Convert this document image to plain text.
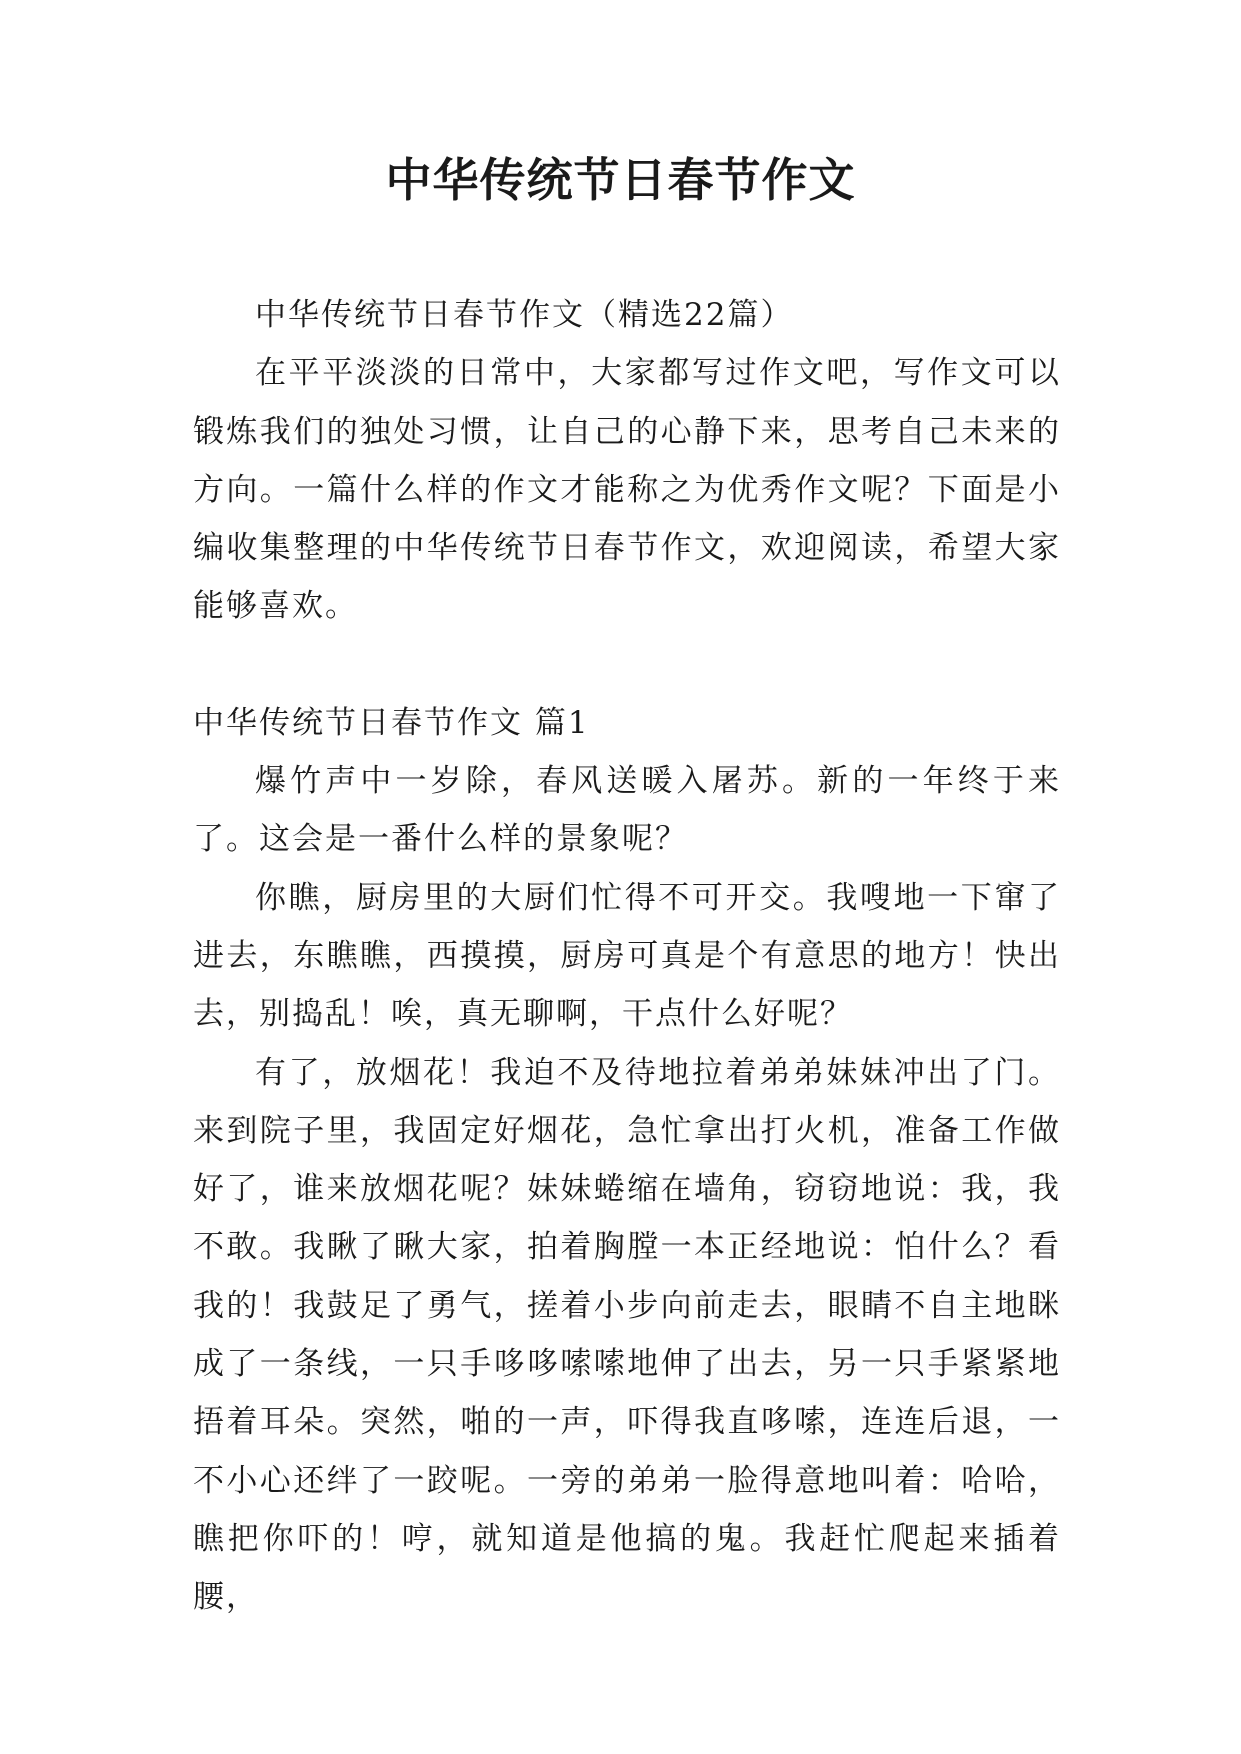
中华传统节日春节作文

中华传统节日春节作文（精选22篇）

在平平淡淡的日常中，大家都写过作文吧，写作文可以锻炼我们的独处习惯，让自己的心静下来，思考自己未来的方向。一篇什么样的作文才能称之为优秀作文呢？下面是小编收集整理的中华传统节日春节作文，欢迎阅读，希望大家能够喜欢。

中华传统节日春节作文 篇1

爆竹声中一岁除，春风送暖入屠苏。新的一年终于来了。这会是一番什么样的景象呢？

你瞧，厨房里的大厨们忙得不可开交。我嗖地一下窜了进去，东瞧瞧，西摸摸，厨房可真是个有意思的地方！快出去，别捣乱！唉，真无聊啊，干点什么好呢？

有了，放烟花！我迫不及待地拉着弟弟妹妹冲出了门。来到院子里，我固定好烟花，急忙拿出打火机，准备工作做好了，谁来放烟花呢？妹妹蜷缩在墙角，窃窃地说：我，我不敢。我瞅了瞅大家，拍着胸膛一本正经地说：怕什么？看我的！我鼓足了勇气，搓着小步向前走去，眼睛不自主地眯成了一条线，一只手哆哆嗦嗦地伸了出去，另一只手紧紧地捂着耳朵。突然，啪的一声，吓得我直哆嗦，连连后退，一不小心还绊了一跤呢。一旁的弟弟一脸得意地叫着：哈哈，瞧把你吓的！哼，就知道是他搞的鬼。我赶忙爬起来插着腰，
